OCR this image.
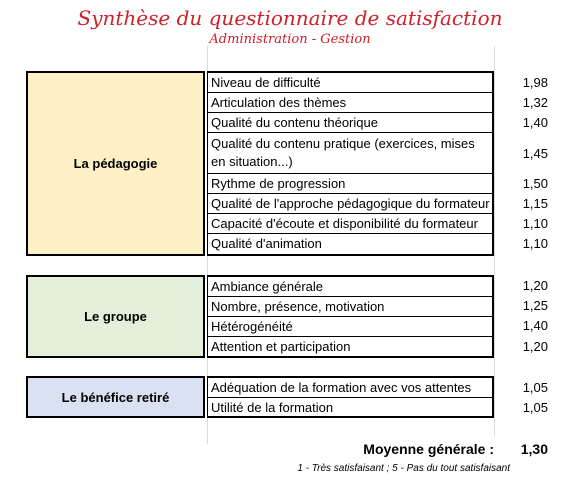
Synthèse du questionnaire de satisfaction
Administration - Gestion
La pédagogie
Niveau de difficulté
Articulation des thèmes
Qualité du contenu théorique
Qualité du contenu pratique (exercices, mises en situation...)
Rythme de progression
Qualité de l'approche pédagogique du formateur
Capacité d'écoute et disponibilité du formateur
Qualité d'animation
1,98
1,32
1,40
1,45
1,50
1,15
1,10
1,10
Le groupe
Ambiance générale
Nombre, présence, motivation
Hétérogénéité
Attention et participation
1,20
1,25
1,40
1,20
Le bénéfice retiré
Adéquation de la formation avec vos attentes
Utilité de la formation
1,05
1,05
Moyenne générale :	1,30
1 - Très satisfaisant ; 5 - Pas du tout satisfaisant
